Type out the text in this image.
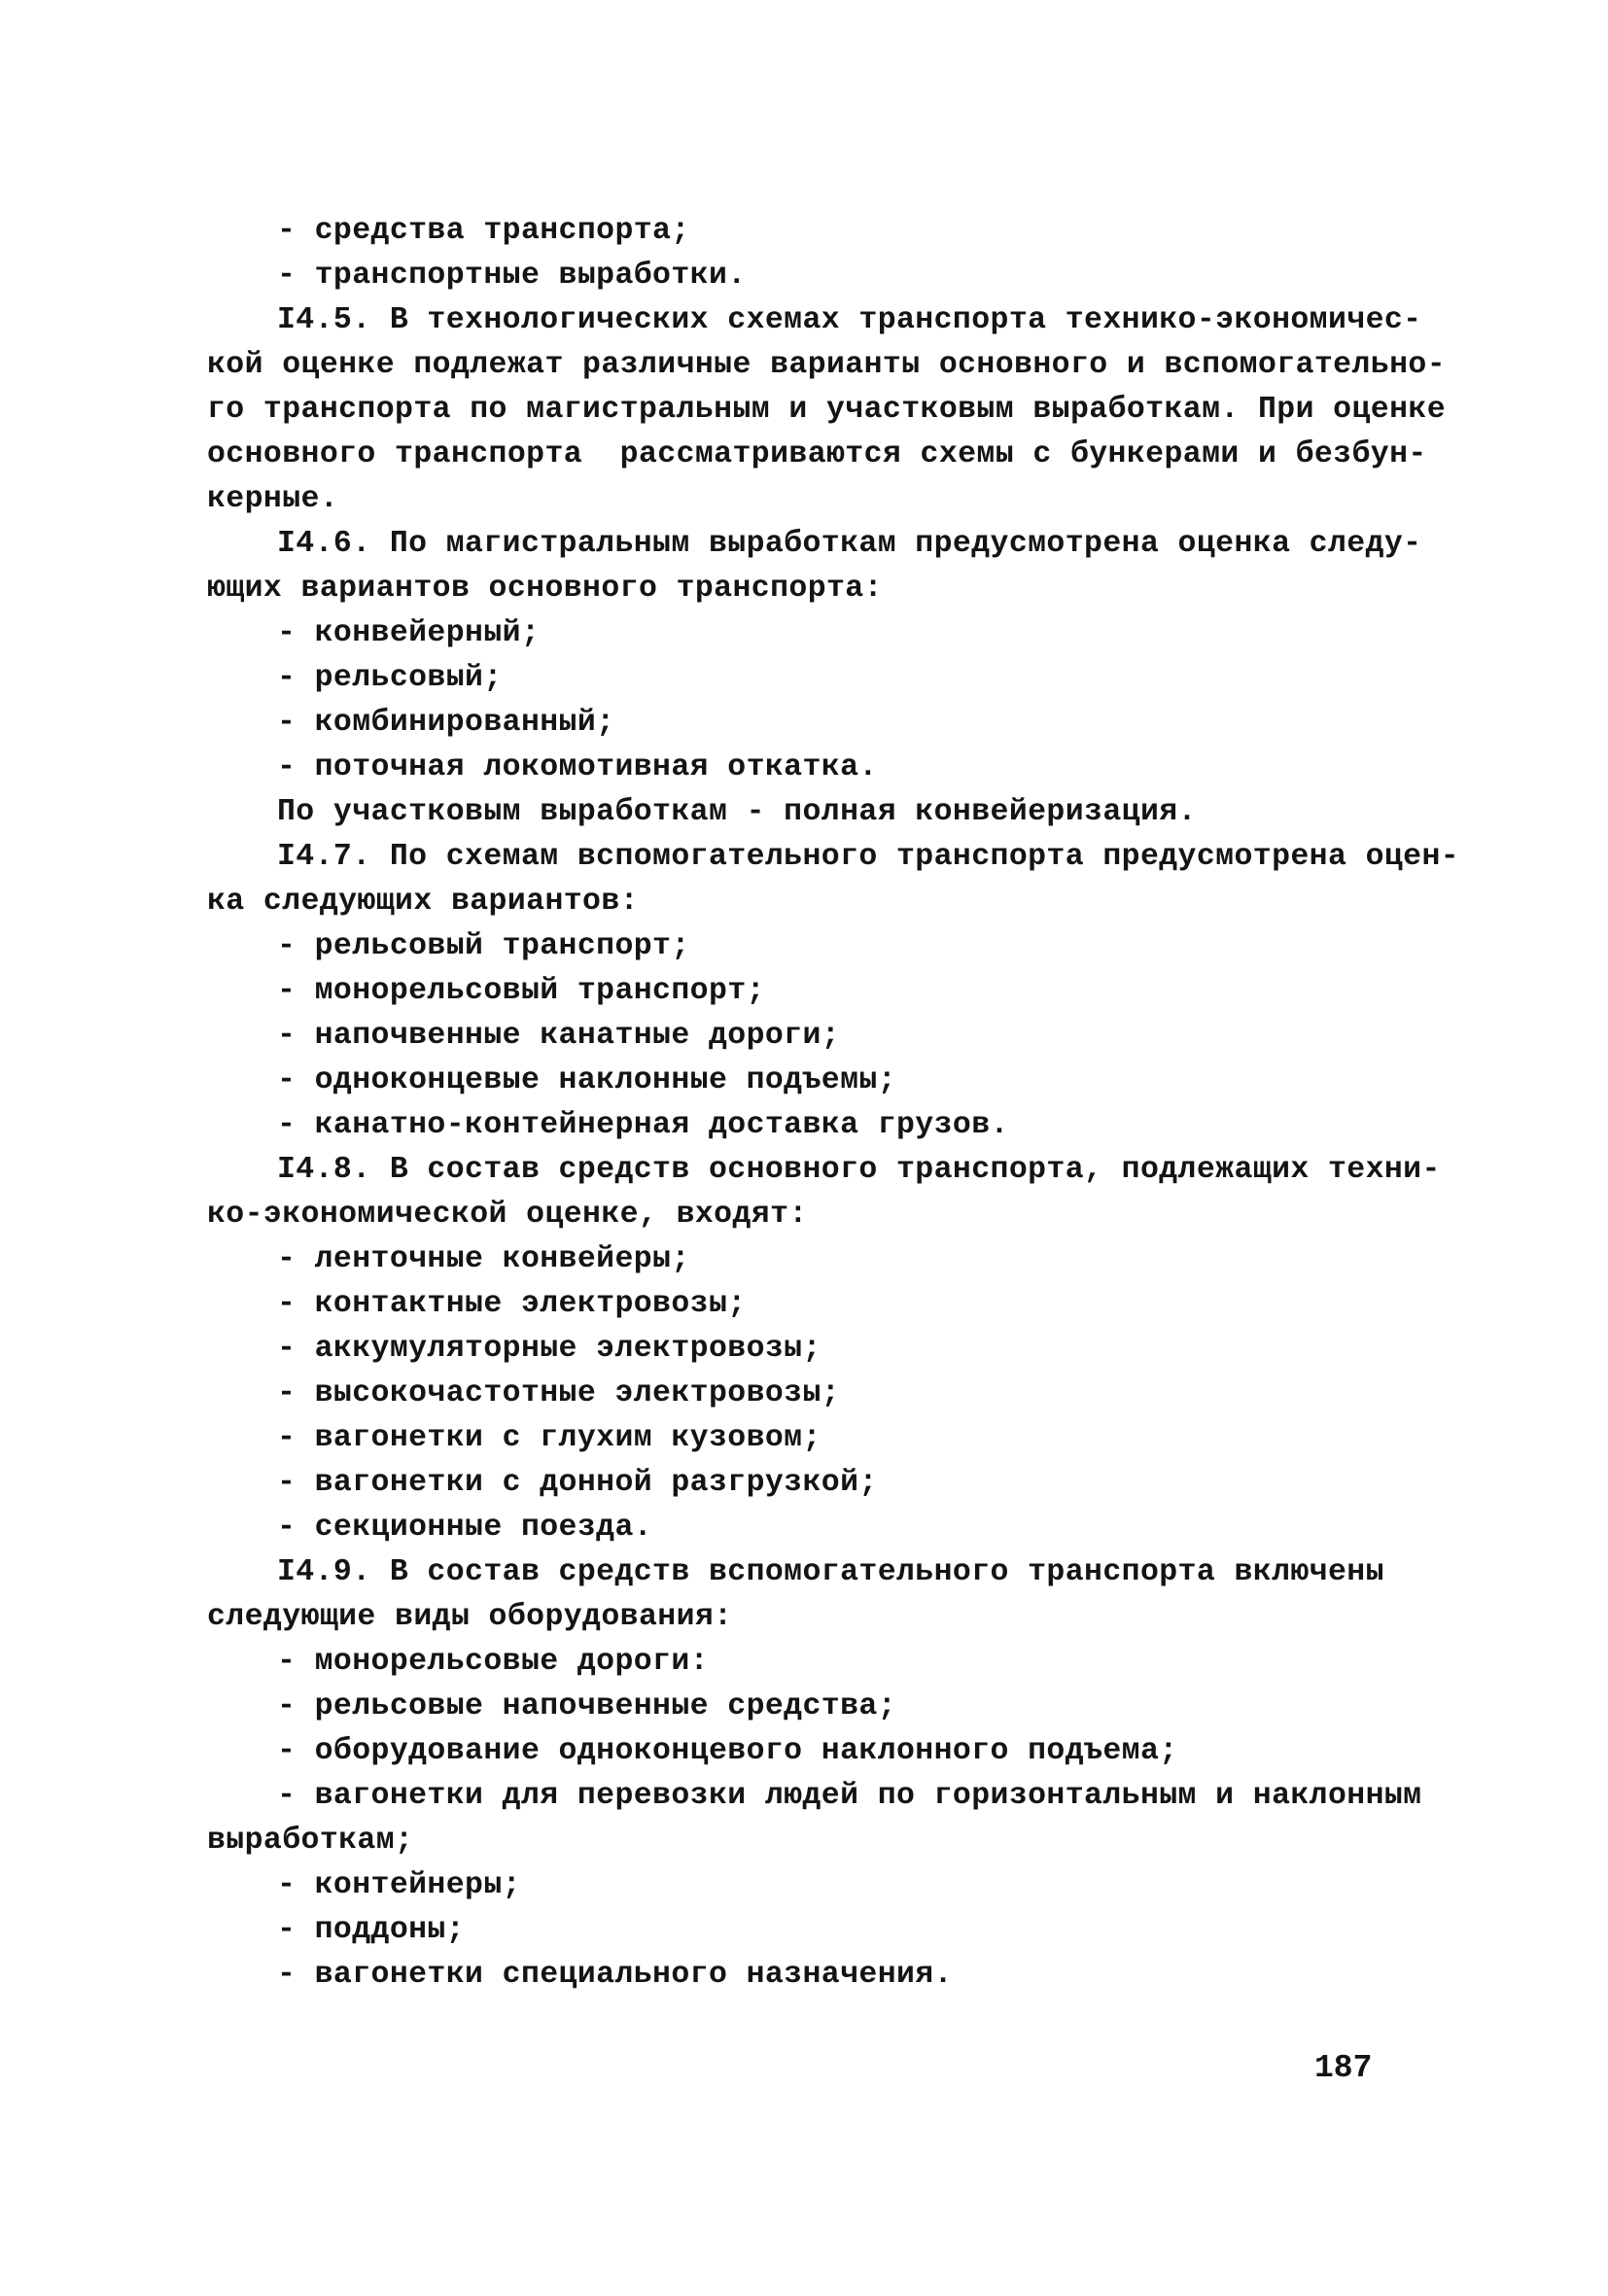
- средства транспорта;
- транспортные выработки.
I4.5. В технологических схемах транспорта технико-экономичес-
кой оценке подлежат различные варианты основного и вспомогательно-
го транспорта по магистральным и участковым выработкам. При оценке
основного транспорта  рассматриваются схемы с бункерами и безбун-
керные.
I4.6. По магистральным выработкам предусмотрена оценка следу-
ющих вариантов основного транспорта:
- конвейерный;
- рельсовый;
- комбинированный;
- поточная локомотивная откатка.
По участковым выработкам - полная конвейеризация.
I4.7. По схемам вспомогательного транспорта предусмотрена оцен-
ка следующих вариантов:
- рельсовый транспорт;
- монорельсовый транспорт;
- напочвенные канатные дороги;
- одноконцевые наклонные подъемы;
- канатно-контейнерная доставка грузов.
I4.8. В состав средств основного транспорта, подлежащих техни-
ко-экономической оценке, входят:
- ленточные конвейеры;
- контактные электровозы;
- аккумуляторные электровозы;
- высокочастотные электровозы;
- вагонетки с глухим кузовом;
- вагонетки с донной разгрузкой;
- секционные поезда.
I4.9. В состав средств вспомогательного транспорта включены
следующие виды оборудования:
- монорельсовые дороги:
- рельсовые напочвенные средства;
- оборудование одноконцевого наклонного подъема;
- вагонетки для перевозки людей по горизонтальным и наклонным
выработкам;
- контейнеры;
- поддоны;
- вагонетки специального назначения.
187
